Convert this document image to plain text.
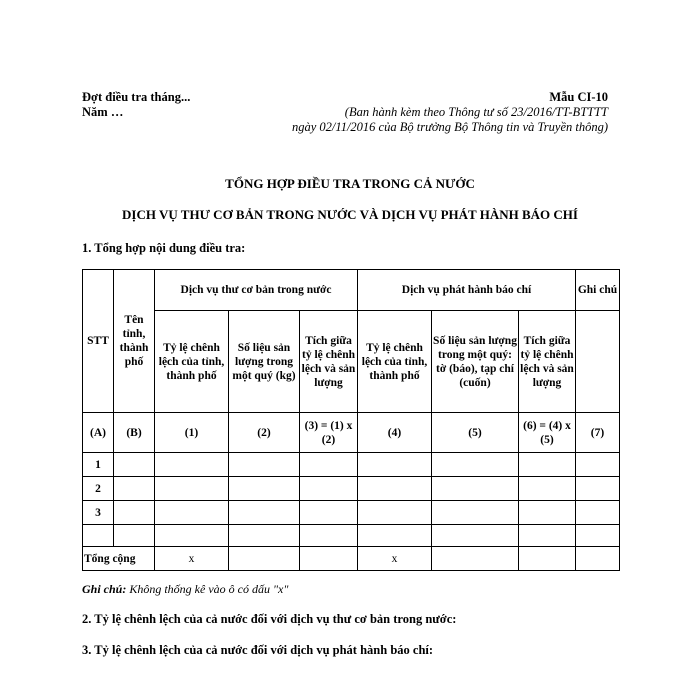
Đợt điều tra tháng...
Năm …
Mẫu CI-10
(Ban hành kèm theo Thông tư số 23/2016/TT-BTTTT
ngày 02/11/2016 của Bộ trưởng Bộ Thông tin và Truyền thông)
TỔNG HỢP ĐIỀU TRA TRONG CẢ NƯỚC
DỊCH VỤ THƯ CƠ BẢN TRONG NƯỚC VÀ DỊCH VỤ PHÁT HÀNH BÁO CHÍ
1. Tổng hợp nội dung điều tra:
STT	Tên tỉnh, thành phố	Dịch vụ thư cơ bản trong nước			Dịch vụ phát hành báo chí			Ghi chú
		Tỷ lệ chênh lệch của tỉnh, thành phố	Số liệu sản lượng trong một quý (kg)	Tích giữa tỷ lệ chênh lệch và sản lượng	Tỷ lệ chênh lệch của tỉnh, thành phố	Số liệu sản lượng trong một quý: tờ (báo), tạp chí (cuốn)	Tích giữa tỷ lệ chênh lệch và sản lượng	
(A)	(B)	(1)	(2)	(3) = (1) x (2)	(4)	(5)	(6) = (4) x (5)	(7)
1								
2								
3								

Tổng cộng		x			x			
Ghi chú: Không thống kê vào ô có dấu "x"
2. Tỷ lệ chênh lệch của cả nước đối với dịch vụ thư cơ bản trong nước:
3. Tỷ lệ chênh lệch của cả nước đối với dịch vụ phát hành báo chí:
